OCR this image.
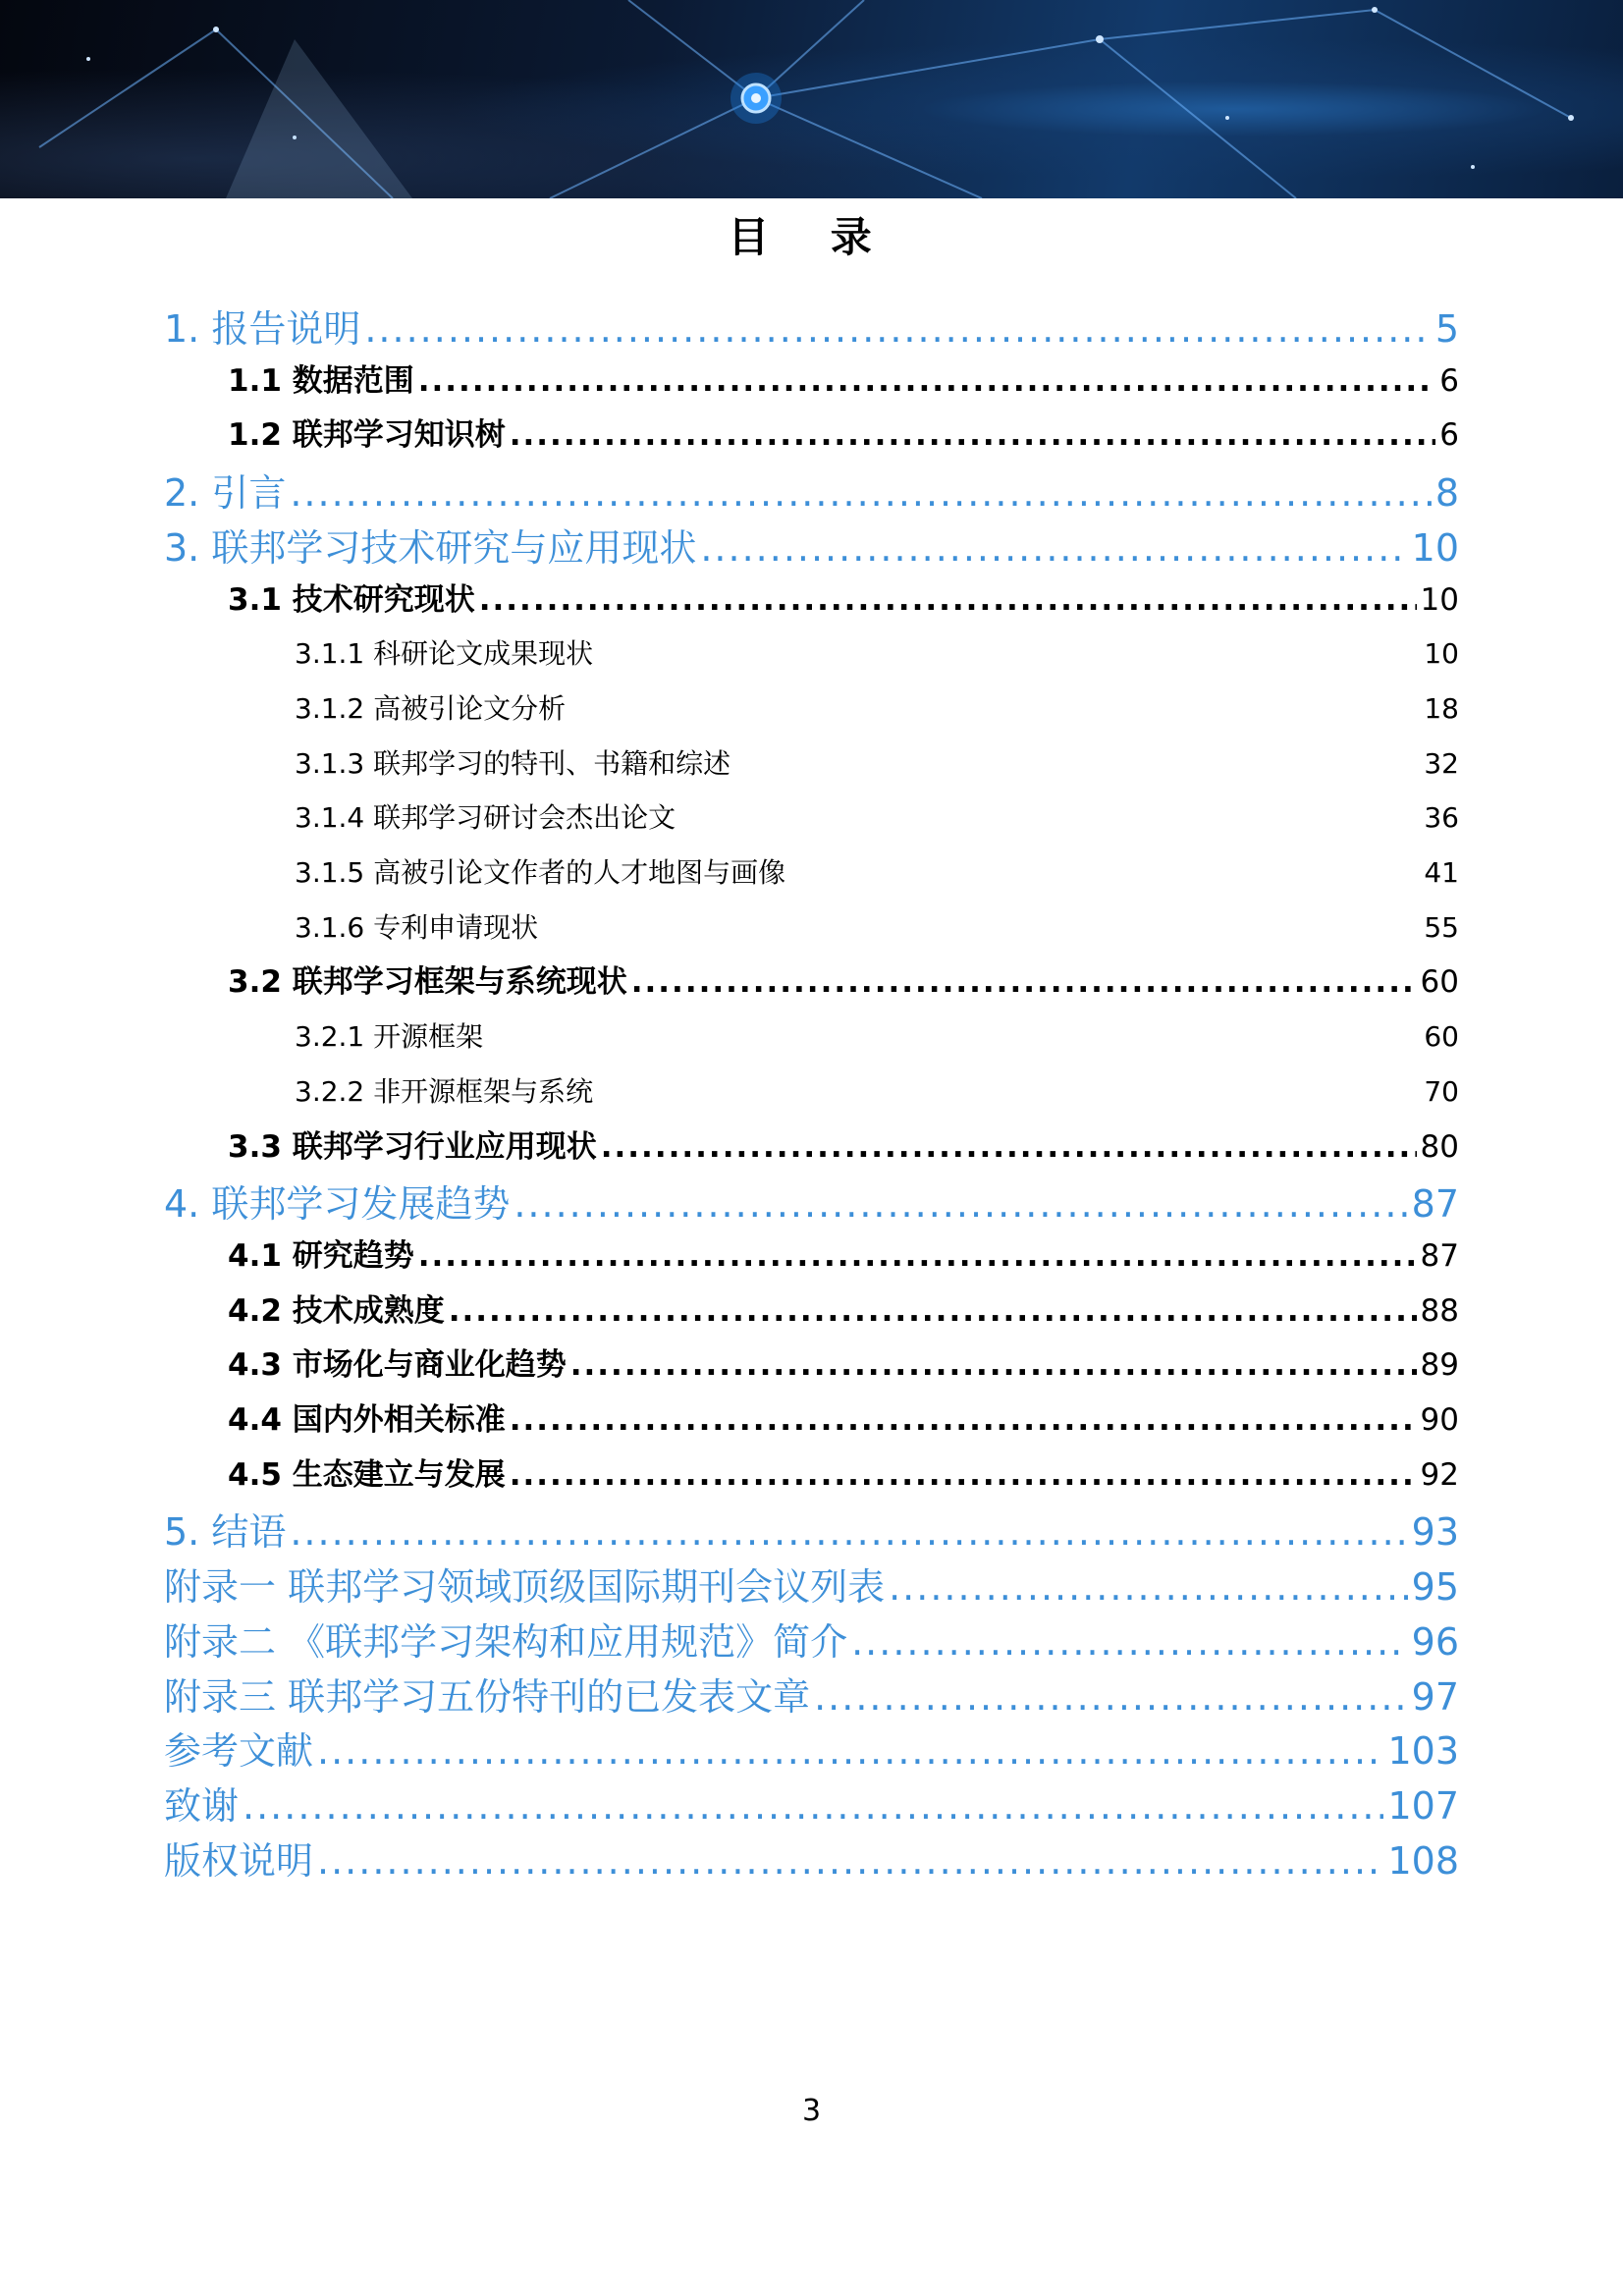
目 录
1. 报告说明 .....	5
1.1 数据范围 .....	6
1.2 联邦学习知识树 .....	6
2. 引言 .....	8
3. 联邦学习技术研究与应用现状 .....	10
3.1 技术研究现状 .....	10
3.1.1 科研论文成果现状	10
3.1.2 高被引论文分析	18
3.1.3 联邦学习的特刊、书籍和综述	32
3.1.4 联邦学习研讨会杰出论文	36
3.1.5 高被引论文作者的人才地图与画像	41
3.1.6 专利申请现状	55
3.2 联邦学习框架与系统现状 .....	60
3.2.1 开源框架	60
3.2.2 非开源框架与系统	70
3.3 联邦学习行业应用现状 .....	80
4. 联邦学习发展趋势 .....	87
4.1 研究趋势 .....	87
4.2 技术成熟度 .....	88
4.3 市场化与商业化趋势 .....	89
4.4 国内外相关标准 .....	90
4.5 生态建立与发展 .....	92
5. 结语 .....	93
附录一 联邦学习领域顶级国际期刊会议列表 .....	95
附录二 《联邦学习架构和应用规范》简介 .....	96
附录三 联邦学习五份特刊的已发表文章 .....	97
参考文献 .....	103
致谢 .....	107
版权说明 .....	108
3
